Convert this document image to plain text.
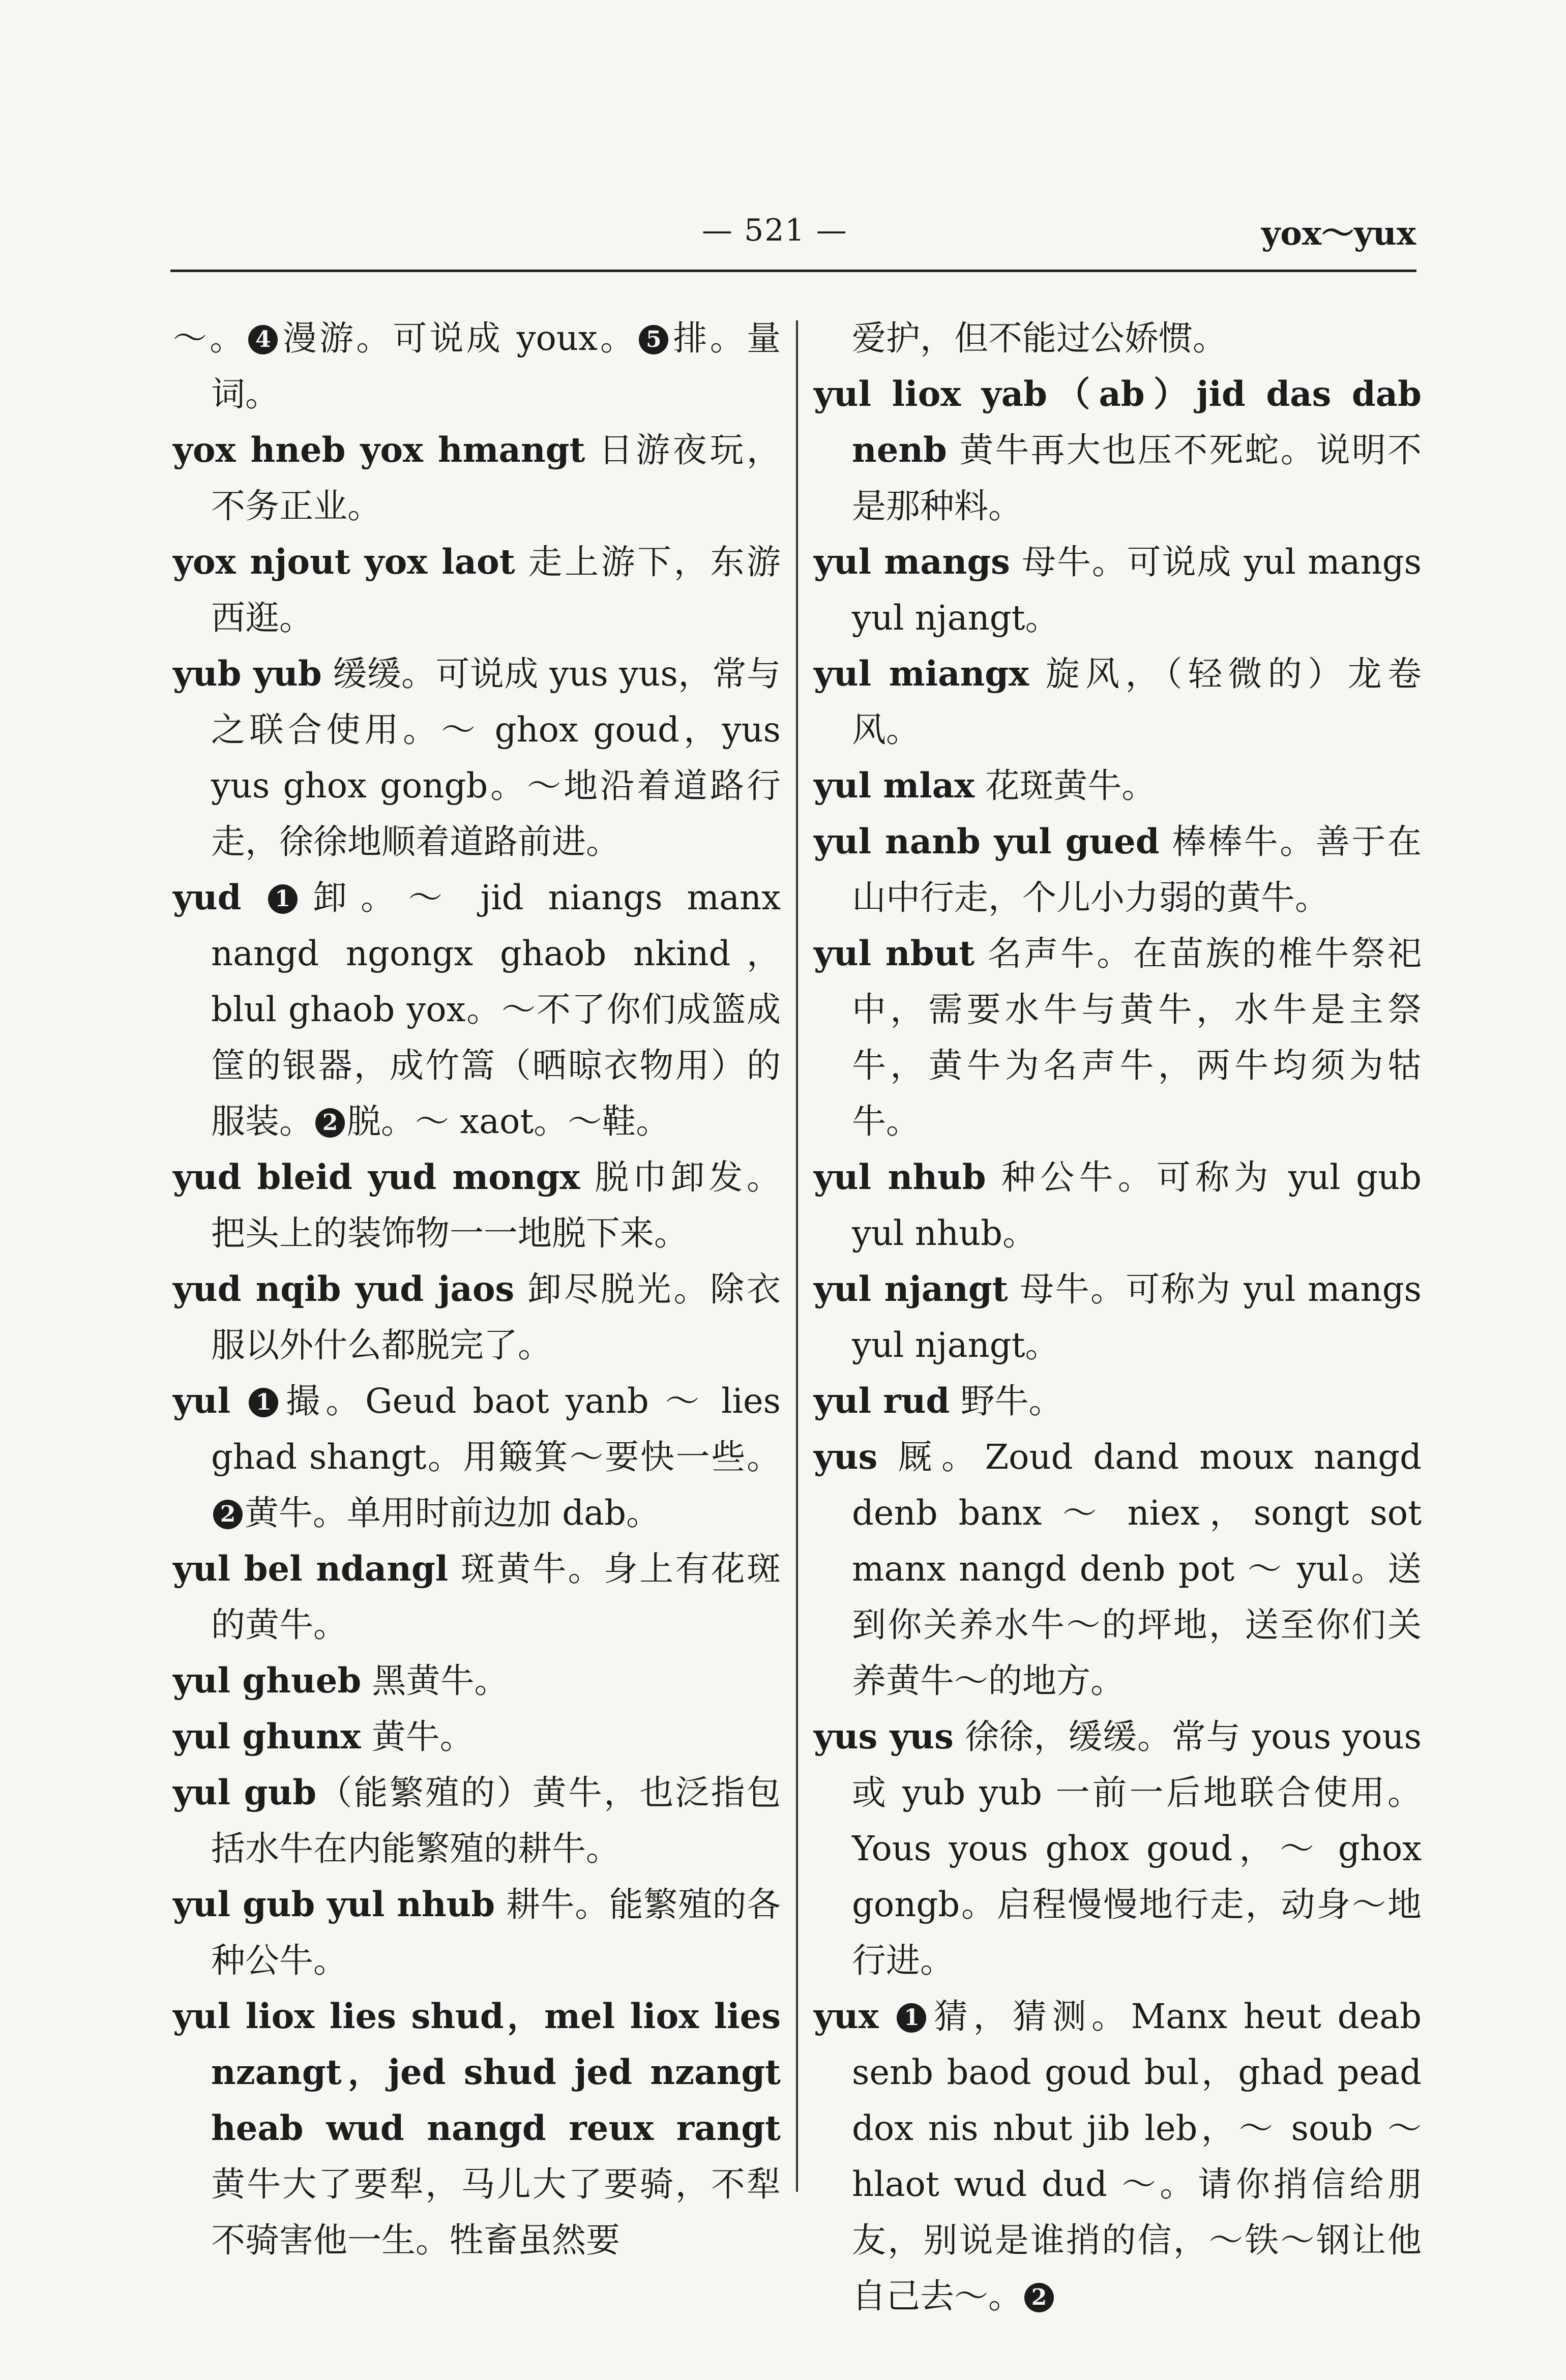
— 521 —	yox～yux

～。 4 漫游。可说成 youx。 5 排。量词。

yox hneb yox hmangt 日游夜玩，不务正业。

yox njout yox laot 走上游下，东游西逛。

yub yub 缓缓。可说成 yus yus，常与之联合使用。～ ghox goud，yus yus ghox gongb。～地沿着道路行走，徐徐地顺着道路前进。

yud 1 卸。～ jid niangs manx nangd ngongx ghaob nkind，blul ghaob yox。～不了你们成篮成筐的银器，成竹篙（晒晾衣物用）的服装。 2 脱。～ xaot。～鞋。

yud bleid yud mongx 脱巾卸发。把头上的装饰物一一地脱下来。

yud nqib yud jaos 卸尽脱光。除衣服以外什么都脱完了。

yul 1 撮。Geud baot yanb ～ lies ghad shangt。用簸箕～要快一些。2 黄牛。单用时前边加 dab。

yul bel ndangl 斑黄牛。身上有花斑的黄牛。

yul ghueb 黑黄牛。

yul ghunx 黄牛。

yul gub（能繁殖的）黄牛，也泛指包括水牛在内能繁殖的耕牛。

yul gub yul nhub 耕牛。能繁殖的各种公牛。

yul liox lies shud，mel liox lies nzangt，jed shud jed nzangt heab wud nangd reux rangt 黄牛大了要犁，马儿大了要骑，不犁不骑害他一生。牲畜虽然要

爱护，但不能过公娇惯。

yul liox yab（ab）jid das dab nenb 黄牛再大也压不死蛇。说明不是那种料。

yul mangs 母牛。可说成 yul mangs yul njangt。

yul miangx 旋风，（轻微的）龙卷风。

yul mlax 花斑黄牛。

yul nanb yul gued 棒棒牛。善于在山中行走，个儿小力弱的黄牛。

yul nbut 名声牛。在苗族的椎牛祭祀中，需要水牛与黄牛，水牛是主祭牛，黄牛为名声牛，两牛均须为牯牛。

yul nhub 种公牛。可称为 yul gub yul nhub。

yul njangt 母牛。可称为 yul mangs yul njangt。

yul rud 野牛。

yus 厩。Zoud dand moux nangd denb banx ～ niex，songt sot manx nangd denb pot ～ yul。送到你关养水牛～的坪地，送至你们关养黄牛～的地方。

yus yus 徐徐，缓缓。常与 yous yous 或 yub yub 一前一后地联合使用。Yous yous ghox goud，～ ghox gongb。启程慢慢地行走，动身～地行进。

yux 1 猜，猜测。Manx heut deab senb baod goud bul，ghad pead dox nis nbut jib leb，～ soub ～ hlaot wud dud ～。请你捎信给朋友，别说是谁捎的信，～铁～钢让他自己去～。 2
